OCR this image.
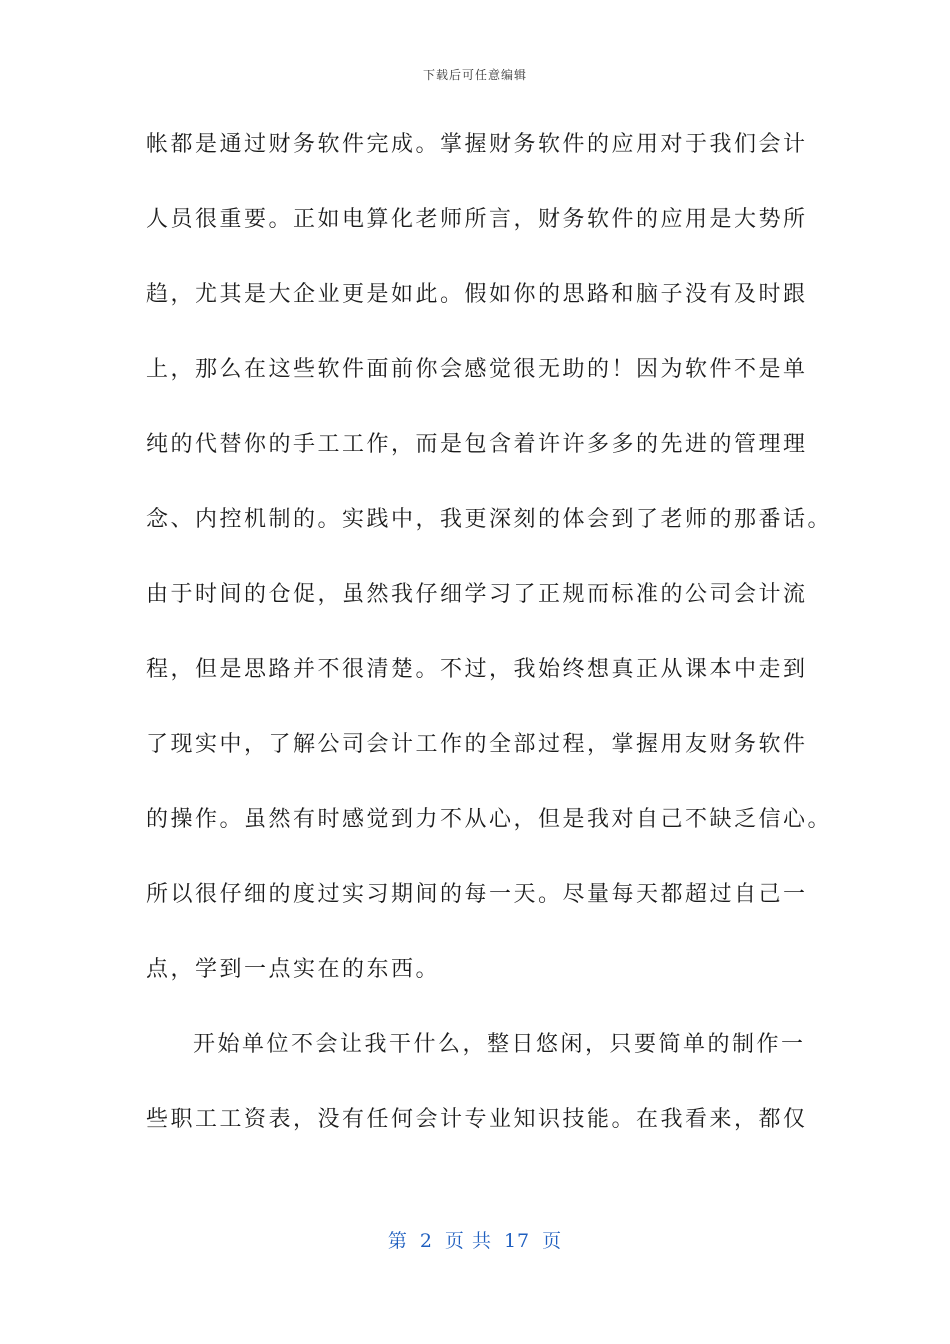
下载后可任意编辑
帐都是通过财务软件完成。掌握财务软件的应用对于我们会计
人员很重要。正如电算化老师所言，财务软件的应用是大势所
趋，尤其是大企业更是如此。假如你的思路和脑子没有及时跟
上，那么在这些软件面前你会感觉很无助的！因为软件不是单
纯的代替你的手工工作，而是包含着许许多多的先进的管理理
念、内控机制的。实践中，我更深刻的体会到了老师的那番话。
由于时间的仓促，虽然我仔细学习了正规而标准的公司会计流
程，但是思路并不很清楚。不过，我始终想真正从课本中走到
了现实中，了解公司会计工作的全部过程，掌握用友财务软件
的操作。虽然有时感觉到力不从心，但是我对自己不缺乏信心。
所以很仔细的度过实习期间的每一天。尽量每天都超过自己一
点，学到一点实在的东西。
开始单位不会让我干什么，整日悠闲，只要简单的制作一
些职工工资表，没有任何会计专业知识技能。在我看来，都仅
第 2 页 共 17 页
